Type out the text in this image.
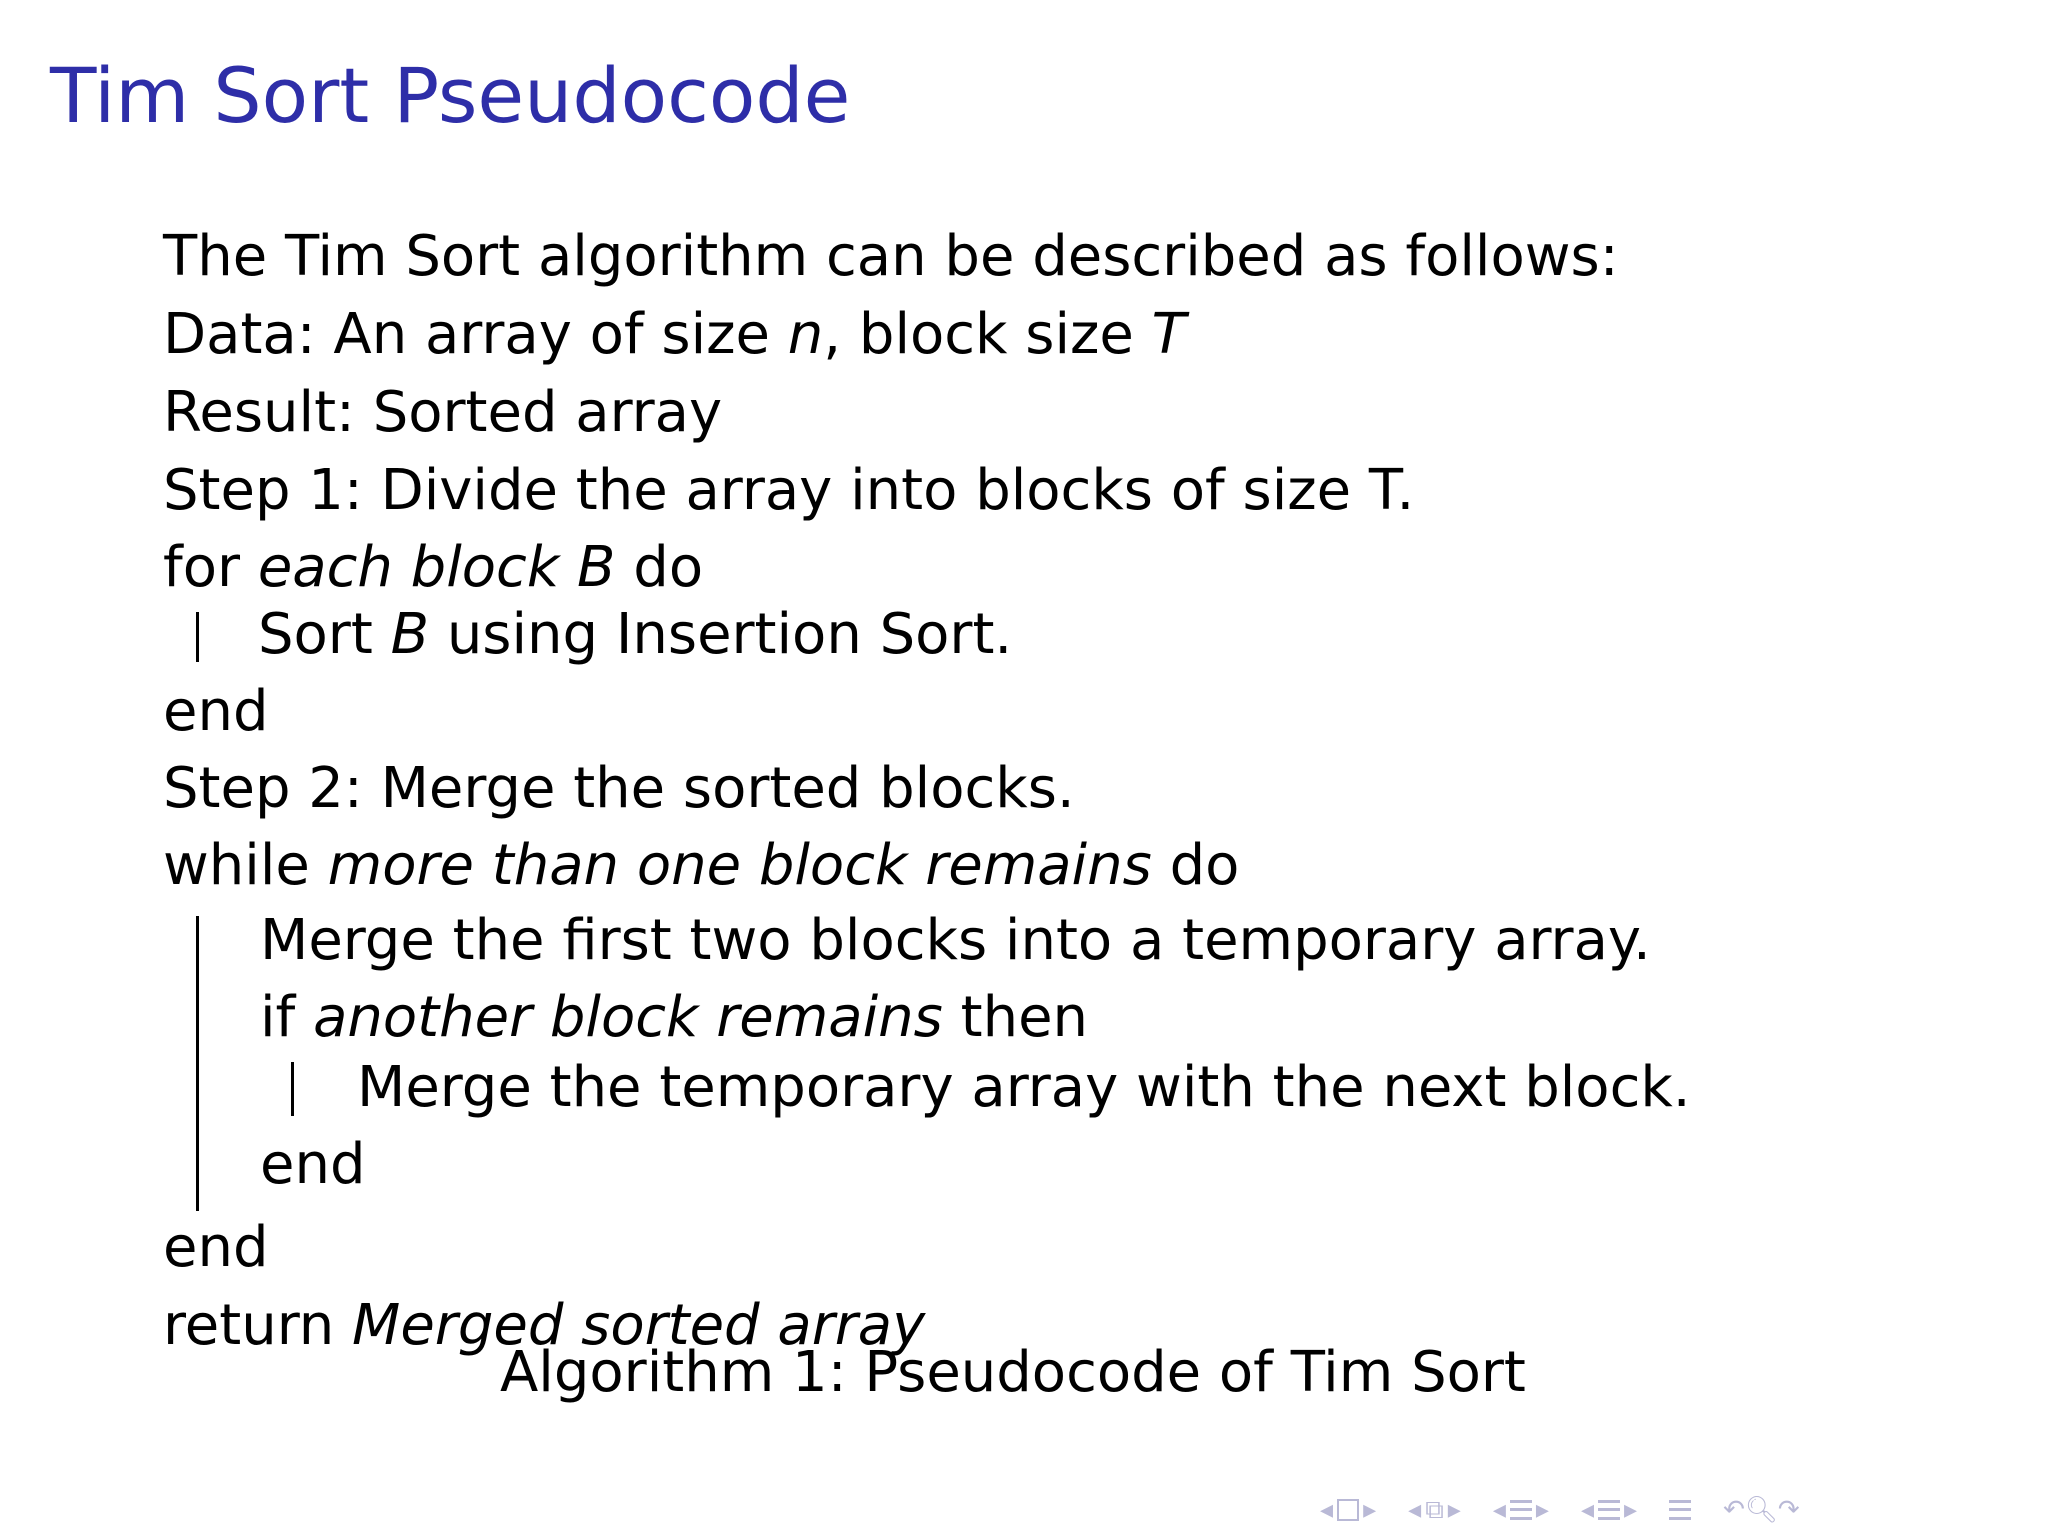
Tim Sort Pseudocode
The Tim Sort algorithm can be described as follows:
Data: An array of size n, block size T
Result: Sorted array
Step 1: Divide the array into blocks of size T.
for each block B do
Sort B using Insertion Sort.
end
Step 2: Merge the sorted blocks.
while more than one block remains do
Merge the first two blocks into a temporary array.
if another block remains then
Merge the temporary array with the next block.
end
end
return Merged sorted array
Algorithm 1: Pseudocode of Tim Sort
◂ ▸ ◂ ⧉ ▸ ◂ ▸ ◂ ▸	↶🔍︎↷
